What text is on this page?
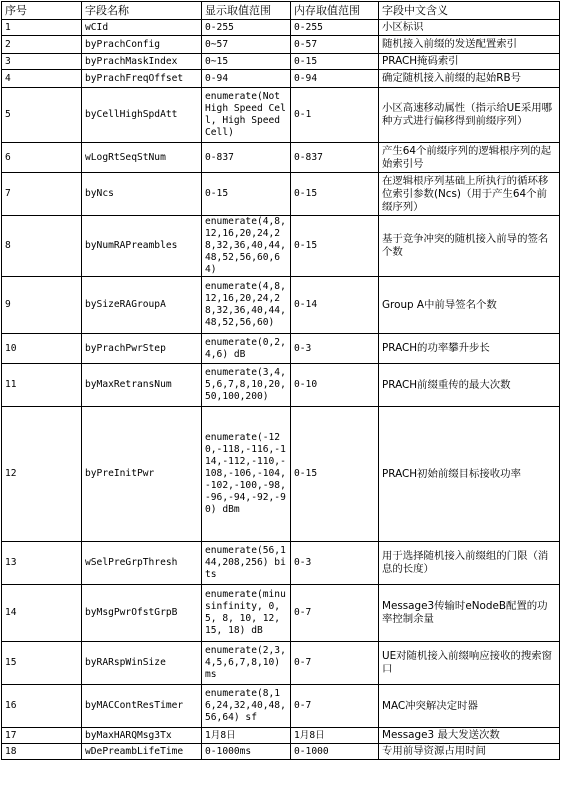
序号	字段名称	显示取值范围	内存取值范围	字段中文含义
1	wCId	0-255	0-255	小区标识
2	byPrachConfig	0~57	0-57	随机接入前缀的发送配置索引
3	byPrachMaskIndex	0~15	0-15	PRACH掩码索引
4	byPrachFreqOffset	0-94	0-94	确定随机接入前缀的起始RB号
5	byCellHighSpdAtt	enumerate(Not High Speed Cell, High Speed Cell)	0-1	小区高速移动属性（指示给UE采用哪种方式进行偏移得到前缀序列）
6	wLogRtSeqStNum	0-837	0-837	产生64个前缀序列的逻辑根序列的起始索引号
7	byNcs	0-15	0-15	在逻辑根序列基础上所执行的循环移位索引参数(Ncs)（用于产生64个前缀序列）
8	byNumRAPreambles	enumerate(4,8,12,16,20,24,28,32,36,40,44,48,52,56,60,64)	0-15	基于竞争冲突的随机接入前导的签名个数
9	bySizeRAGroupA	enumerate(4,8,12,16,20,24,28,32,36,40,44,48,52,56,60)	0-14	Group A中前导签名个数
10	byPrachPwrStep	enumerate(0,2,4,6) dB	0-3	PRACH的功率攀升步长
11	byMaxRetransNum	enumerate(3,4,5,6,7,8,10,20,50,100,200)	0-10	PRACH前缀重传的最大次数
12	byPreInitPwr	enumerate(-120,-118,-116,-114,-112,-110,-108,-106,-104,-102,-100,-98,-96,-94,-92,-90) dBm	0-15	PRACH初始前缀目标接收功率
13	wSelPreGrpThresh	enumerate(56,144,208,256) bits	0-3	用于选择随机接入前缀组的门限（消息的长度）
14	byMsgPwrOfstGrpB	enumerate(minusinfinity, 0, 5, 8, 10, 12, 15, 18) dB	0-7	Message3传输时eNodeB配置的功率控制余量
15	byRARspWinSize	enumerate(2,3,4,5,6,7,8,10) ms	0-7	UE对随机接入前缀响应接收的搜索窗口
16	byMACContResTimer	enumerate(8,16,24,32,40,48,56,64) sf	0-7	MAC冲突解决定时器
17	byMaxHARQMsg3Tx	1月8日	1月8日	Message3 最大发送次数
18	wDePreambLifeTime	0-1000ms	0-1000	专用前导资源占用时间
